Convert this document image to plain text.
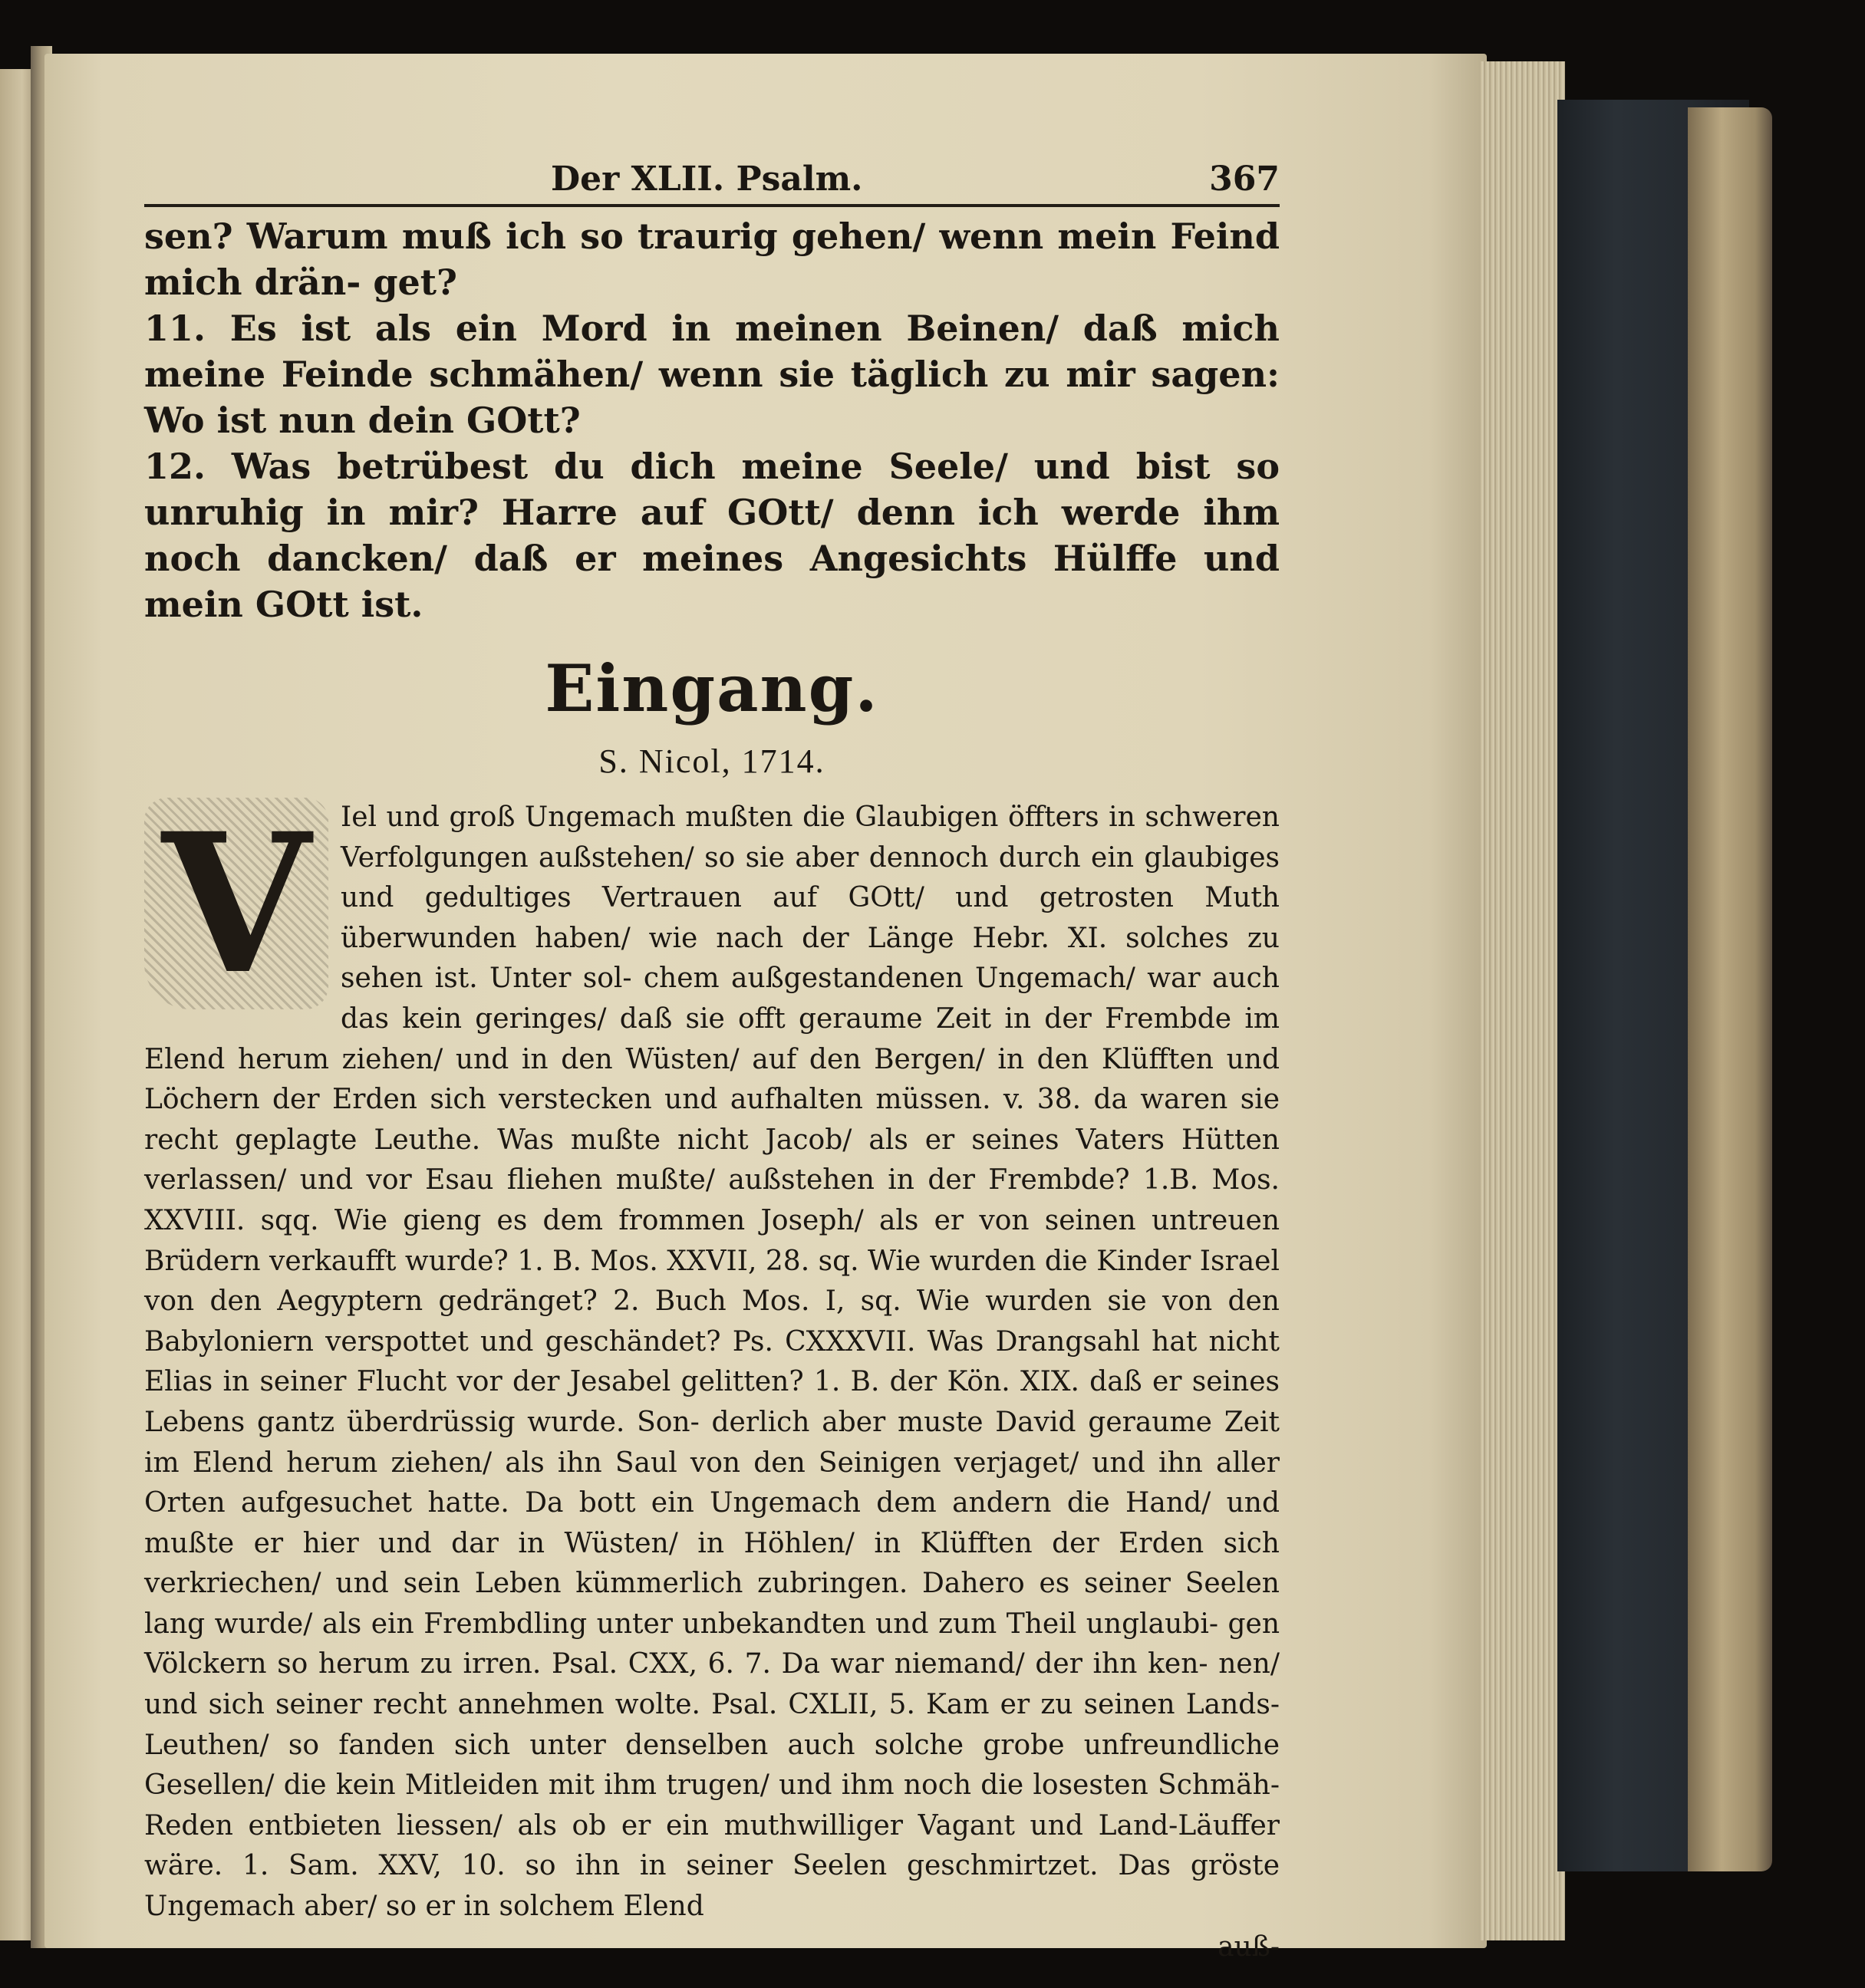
Der XLII. Psalm.	367

sen? Warum muß ich so traurig gehen/ wenn mein Feind mich drän- get?

11. Es ist als ein Mord in meinen Beinen/ daß mich meine Feinde schmähen/ wenn sie täglich zu mir sagen: Wo ist nun dein GOtt?

12. Was betrübest du dich meine Seele/ und bist so unruhig in mir? Harre auf GOtt/ denn ich werde ihm noch dancken/ daß er meines Angesichts Hülffe und mein GOtt ist.

Eingang.
S. Nicol, 1714.
V	Iel und groß Ungemach mußten die Glaubigen öffters in schweren Verfolgungen außstehen/ so sie aber dennoch durch ein glaubiges und gedultiges Vertrauen auf GOtt/ und getrosten Muth überwunden haben/ wie nach der Länge Hebr. XI. solches zu sehen ist. Unter sol- chem außgestandenen Ungemach/ war auch das kein geringes/ daß sie offt geraume Zeit in der Frembde im Elend herum ziehen/ und in den Wüsten/ auf den Bergen/ in den Klüfften und Löchern der Erden sich verstecken und aufhalten müssen. v. 38. da waren sie recht geplagte Leuthe. Was mußte nicht Jacob/ als er seines Vaters Hütten verlassen/ und vor Esau fliehen mußte/ außstehen in der Frembde? 1.B. Mos. XXVIII. sqq. Wie gieng es dem frommen Joseph/ als er von seinen untreuen Brüdern verkaufft wurde? 1. B. Mos. XXVII, 28. sq. Wie wurden die Kinder Israel von den Aegyptern gedränget? 2. Buch Mos. I, sq. Wie wurden sie von den Babyloniern verspottet und geschändet? Ps. CXXXVII. Was Drangsahl hat nicht Elias in seiner Flucht vor der Jesabel gelitten? 1. B. der Kön. XIX. daß er seines Lebens gantz überdrüssig wurde. Son- derlich aber muste David geraume Zeit im Elend herum ziehen/ als ihn Saul von den Seinigen verjaget/ und ihn aller Orten aufgesuchet hatte. Da bott ein Ungemach dem andern die Hand/ und mußte er hier und dar in Wüsten/ in Höhlen/ in Klüfften der Erden sich verkriechen/ und sein Leben kümmerlich zubringen. Dahero es seiner Seelen lang wurde/ als ein Frembdling unter unbekandten und zum Theil unglaubi- gen Völckern so herum zu irren. Psal. CXX, 6. 7. Da war niemand/ der ihn ken- nen/ und sich seiner recht annehmen wolte. Psal. CXLII, 5. Kam er zu seinen Lands- Leuthen/ so fanden sich unter denselben auch solche grobe unfreundliche Gesellen/ die kein Mitleiden mit ihm trugen/ und ihm noch die losesten Schmäh-Reden entbieten liessen/ als ob er ein muthwilliger Vagant und Land-Läuffer wäre. 1. Sam. XXV, 10. so ihn in seiner Seelen geschmirtzet. Das gröste Ungemach aber/ so er in solchem Elend

auß-
